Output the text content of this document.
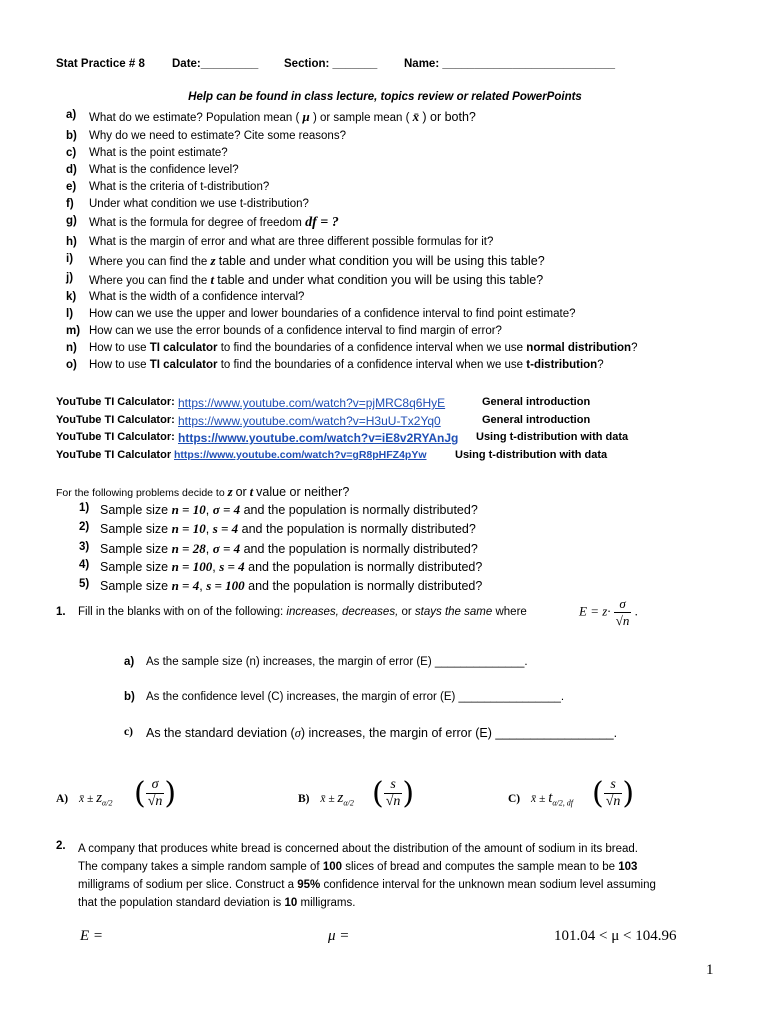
Stat Practice # 8 Date:_________ Section: _______ Name: ___________________________
Help can be found in class lecture, topics review or related PowerPoints
a) What do we estimate? Population mean ( μ ) or sample mean ( x̄ ) or both?
b) Why do we need to estimate? Cite some reasons?
c) What is the point estimate?
d) What is the confidence level?
e) What is the criteria of t-distribution?
f) Under what condition we use t-distribution?
g) What is the formula for degree of freedom df = ?
h) What is the margin of error and what are three different possible formulas for it?
i) Where you can find the z table and under what condition you will be using this table?
j) Where you can find the t table and under what condition you will be using this table?
k) What is the width of a confidence interval?
l) How can we use the upper and lower boundaries of a confidence interval to find point estimate?
m) How can we use the error bounds of a confidence interval to find margin of error?
n) How to use TI calculator to find the boundaries of a confidence interval when we use normal distribution?
o) How to use TI calculator to find the boundaries of a confidence interval when we use t-distribution?
YouTube TI Calculator: https://www.youtube.com/watch?v=pjMRC8q6HyE	General introduction
YouTube TI Calculator: https://www.youtube.com/watch?v=H3uU-Tx2Yq0	General introduction
YouTube TI Calculator: https://www.youtube.com/watch?v=iE8v2RYAnJg Using t-distribution with data
YouTube TI Calculator https://www.youtube.com/watch?v=gR8pHFZ4pYw	Using t-distribution with data
For the following problems decide to z or t value or neither?
1) Sample size n = 10, σ = 4 and the population is normally distributed?
2) Sample size n = 10, s = 4 and the population is normally distributed?
3) Sample size n = 28, σ = 4 and the population is normally distributed?
4) Sample size n = 100, s = 4 and the population is normally distributed?
5) Sample size n = 4, s = 100 and the population is normally distributed?
1. Fill in the blanks with on of the following: increases, decreases, or stays the same where	$E = z\cdot \frac{\sigma}{√n}$ .
a) As the sample size (n) increases, the margin of error (E) ______________.
b) As the confidence level (C) increases, the margin of error (E) ________________.
c) As the standard deviation (σ) increases, the margin of error (E) _________________.
A) x̄ ± $z_{\alpha/2}$ ( $\frac{\sigma}{√n}$ )	B) x̄ ± $z_{\alpha/2}$ ( $\frac{s}{√n}$ )	C) x̄ ± $t_{\alpha/2, df}$ ( $\frac{s}{√n}$ )
2. A company that produces white bread is concerned about the distribution of the amount of sodium in its bread.
The company takes a simple random sample of 100 slices of bread and computes the sample mean to be 103
milligrams of sodium per slice. Construct a 95% confidence interval for the unknown mean sodium level assuming
that the population standard deviation is 10 milligrams.
E =	μ =	101.04 < μ < 104.96
1
